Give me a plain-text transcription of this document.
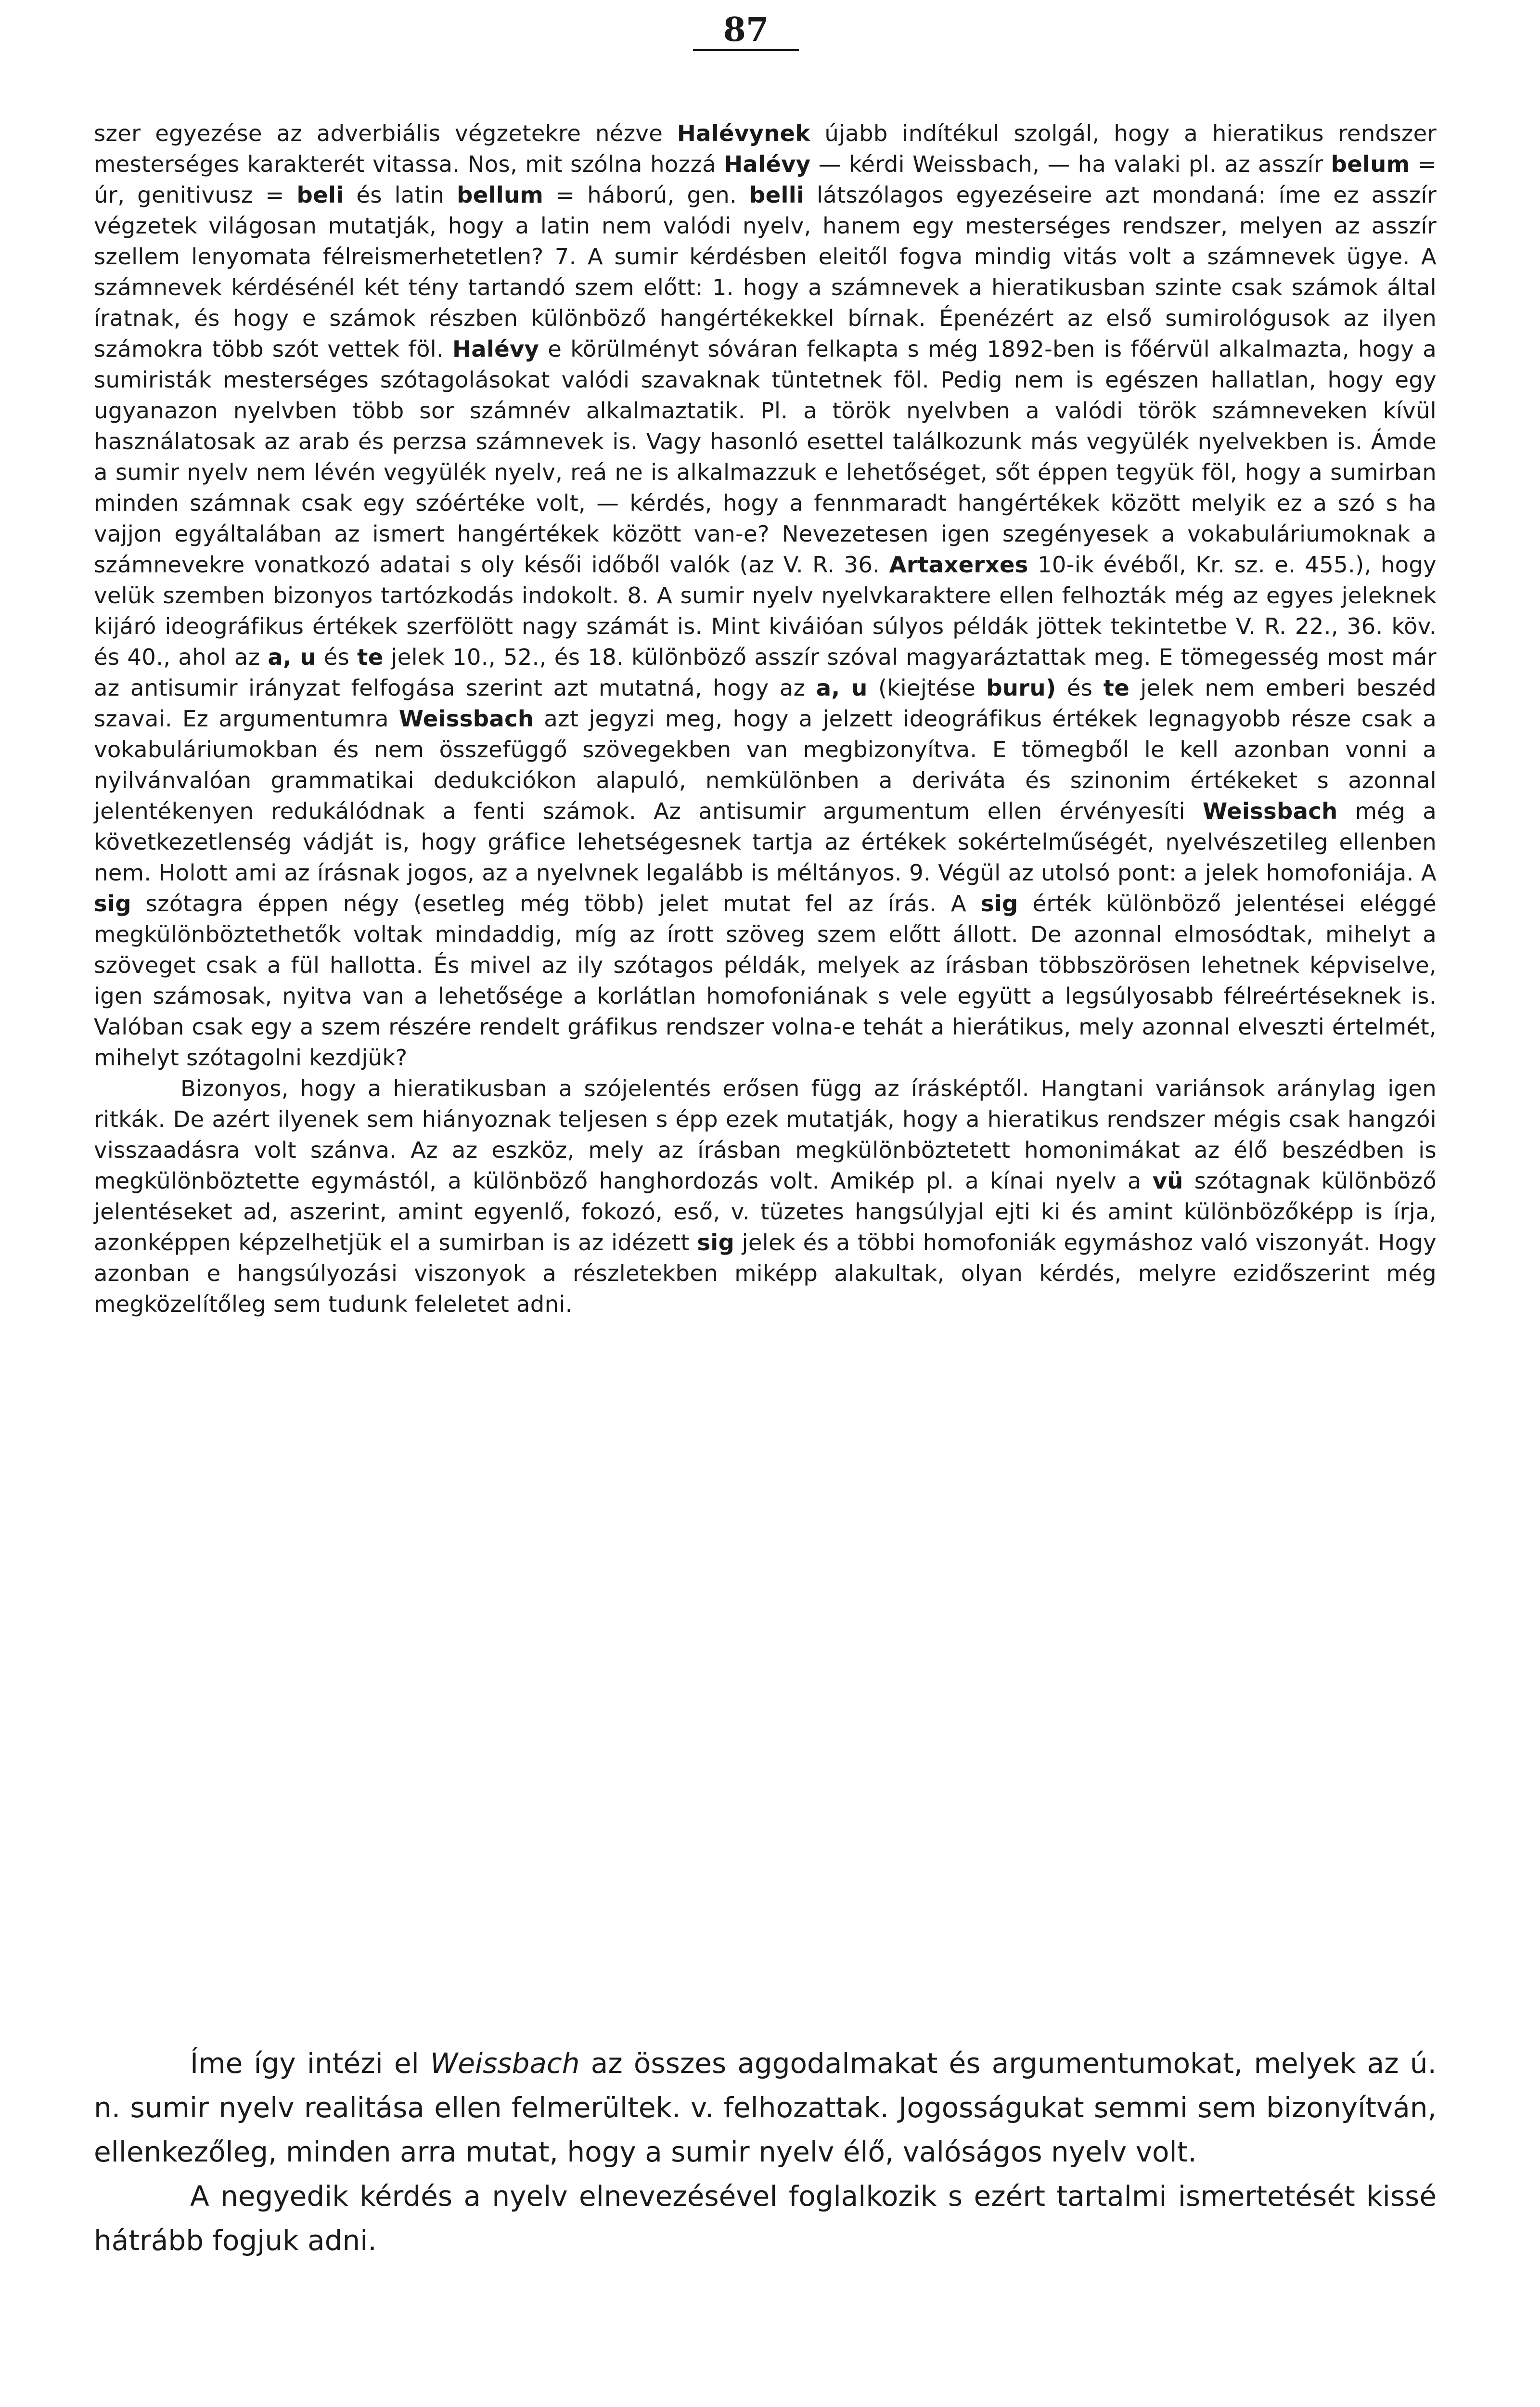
87

szer egyezése az adverbiális végzetekre nézve Halévynek újabb indítékul szolgál, hogy a hieratikus rendszer mesterséges karakterét vitassa. Nos, mit szólna hozzá Halévy — kérdi Weissbach, — ha valaki pl. az asszír belum = úr, genitivusz = beli és latin bellum = háború, gen. belli látszólagos egyezéseire azt mondaná: íme ez asszír végzetek világosan mutatják, hogy a latin nem valódi nyelv, hanem egy mesterséges rendszer, melyen az asszír szellem lenyomata félreismerhetetlen? 7. A sumir kérdésben eleitől fogva mindig vitás volt a számnevek ügye. A számnevek kérdésénél két tény tartandó szem előtt: 1. hogy a számnevek a hieratikusban szinte csak számok által íratnak, és hogy e számok részben különböző hangértékekkel bírnak. Épenézért az első sumirológusok az ilyen számokra több szót vettek föl. Halévy e körülményt sóváran felkapta s még 1892-ben is főérvül alkalmazta, hogy a sumiristák mesterséges szótagolásokat valódi szavaknak tüntetnek föl. Pedig nem is egészen hallatlan, hogy egy ugyanazon nyelvben több sor számnév alkalmaztatik. Pl. a török nyelvben a valódi török számneveken kívül használatosak az arab és perzsa számnevek is. Vagy hasonló esettel találkozunk más vegyülék nyelvekben is. Ámde a sumir nyelv nem lévén vegyülék nyelv, reá ne is alkalmazzuk e lehetőséget, sőt éppen tegyük föl, hogy a sumirban minden számnak csak egy szóértéke volt, — kérdés, hogy a fennmaradt hangértékek között melyik ez a szó s ha vajjon egyáltalában az ismert hangértékek között van-e? Nevezetesen igen szegényesek a vokabuláriumoknak a számnevekre vonatkozó adatai s oly késői időből valók (az V. R. 36. Artaxerxes 10-ik évéből, Kr. sz. e. 455.), hogy velük szemben bizonyos tartózkodás indokolt. 8. A sumir nyelv nyelvkaraktere ellen felhozták még az egyes jeleknek kijáró ideográfikus értékek szerfölött nagy számát is. Mint kiváióan súlyos példák jöttek tekintetbe V. R. 22., 36. köv. és 40., ahol az a, u és te jelek 10., 52., és 18. különböző asszír szóval magyaráztattak meg. E tömegesség most már az antisumir irányzat felfogása szerint azt mutatná, hogy az a, u (kiejtése buru) és te jelek nem emberi beszéd szavai. Ez argumentumra Weissbach azt jegyzi meg, hogy a jelzett ideográfikus értékek legnagyobb része csak a vokabuláriumokban és nem összefüggő szövegekben van megbizonyítva. E tömegből le kell azonban vonni a nyilvánvalóan grammatikai dedukciókon alapuló, nemkülönben a deriváta és szinonim értékeket s azonnal jelentékenyen redukálódnak a fenti számok. Az antisumir argumentum ellen érvényesíti Weissbach még a következetlenség vádját is, hogy gráfice lehetségesnek tartja az értékek sokértelműségét, nyelvészetileg ellenben nem. Holott ami az írásnak jogos, az a nyelvnek legalább is méltányos. 9. Végül az utolsó pont: a jelek homofoniája. A sig szótagra éppen négy (esetleg még több) jelet mutat fel az írás. A sig érték különböző jelentései eléggé megkülönböztethetők voltak mindaddig, míg az írott szöveg szem előtt állott. De azonnal elmosódtak, mihelyt a szöveget csak a fül hallotta. És mivel az ily szótagos példák, melyek az írásban többszörösen lehetnek képviselve, igen számosak, nyitva van a lehetősége a korlátlan homofoniának s vele együtt a legsúlyosabb félreértéseknek is. Valóban csak egy a szem részére rendelt gráfikus rendszer volna-e tehát a hierátikus, mely azonnal elveszti értelmét, mihelyt szótagolni kezdjük?

Bizonyos, hogy a hieratikusban a szójelentés erősen függ az írásképtől. Hangtani variánsok aránylag igen ritkák. De azért ilyenek sem hiányoznak teljesen s épp ezek mutatják, hogy a hieratikus rendszer mégis csak hangzói visszaadásra volt szánva. Az az eszköz, mely az írásban megkülönböztetett homonimákat az élő beszédben is megkülönböztette egymástól, a különböző hanghordozás volt. Amikép pl. a kínai nyelv a vü szótagnak különböző jelentéseket ad, aszerint, amint egyenlő, fokozó, eső, v. tüzetes hangsúlyjal ejti ki és amint különbözőképp is írja, azonképpen képzelhetjük el a sumirban is az idézett sig jelek és a többi homofoniák egymáshoz való viszonyát. Hogy azonban e hangsúlyozási viszonyok a részletekben miképp alakultak, olyan kérdés, melyre ezidőszerint még megközelítőleg sem tudunk feleletet adni.

Íme így intézi el Weissbach az összes aggodalmakat és argumentumokat, melyek az ú. n. sumir nyelv realitása ellen felmerültek. v. felhozattak. Jogosságukat semmi sem bizonyítván, ellenkezőleg, minden arra mutat, hogy a sumir nyelv élő, valóságos nyelv volt.

A negyedik kérdés a nyelv elnevezésével foglalkozik s ezért tartalmi ismertetését kissé hátrább fogjuk adni.
